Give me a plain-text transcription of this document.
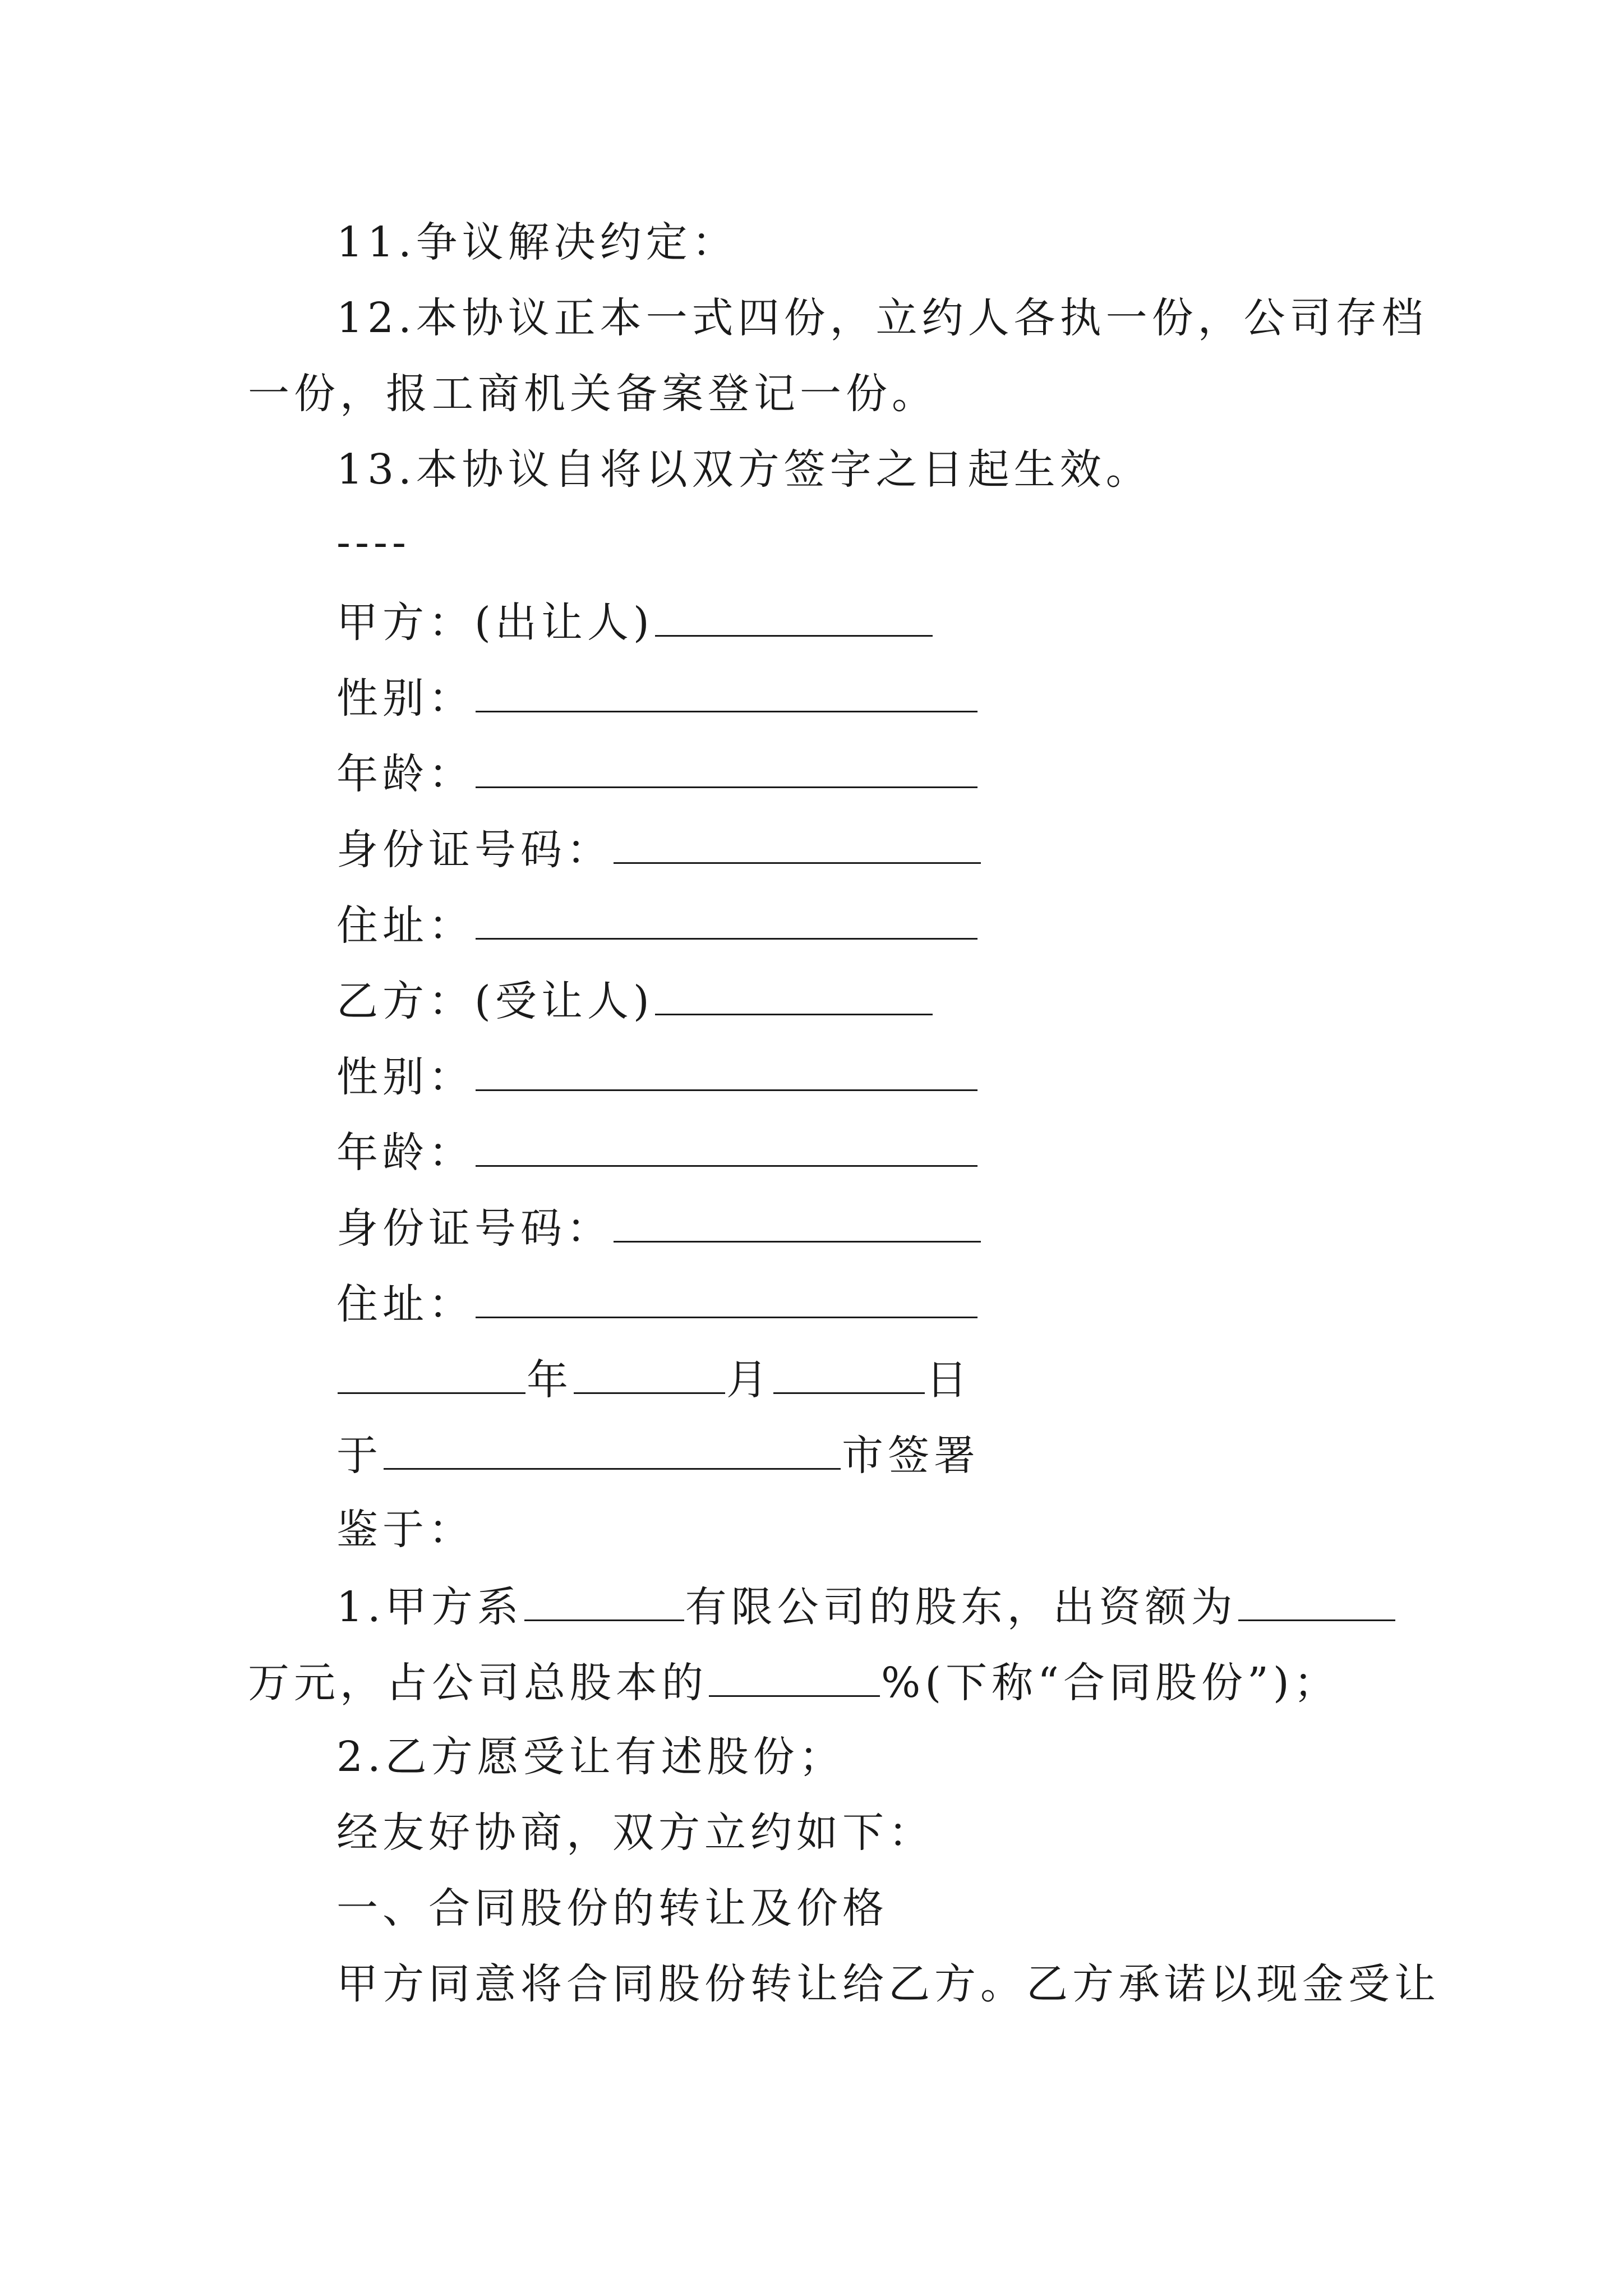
11.争议解决约定：
12.本协议正本一式四份，立约人各执一份，公司存档
一份，报工商机关备案登记一份。
13.本协议自将以双方签字之日起生效。
----
甲方：(出让人)
性别：
年龄：
身份证号码：
住址：
乙方：(受让人)
性别：
年龄：
身份证号码：
住址：
年	月	日
于	市签署
鉴于：
1.甲方系	有限公司的股东，出资额为
万元，占公司总股本的	%(下称“合同股份”)；
2.乙方愿受让有述股份；
经友好协商，双方立约如下：
一、合同股份的转让及价格
甲方同意将合同股份转让给乙方。乙方承诺以现金受让
